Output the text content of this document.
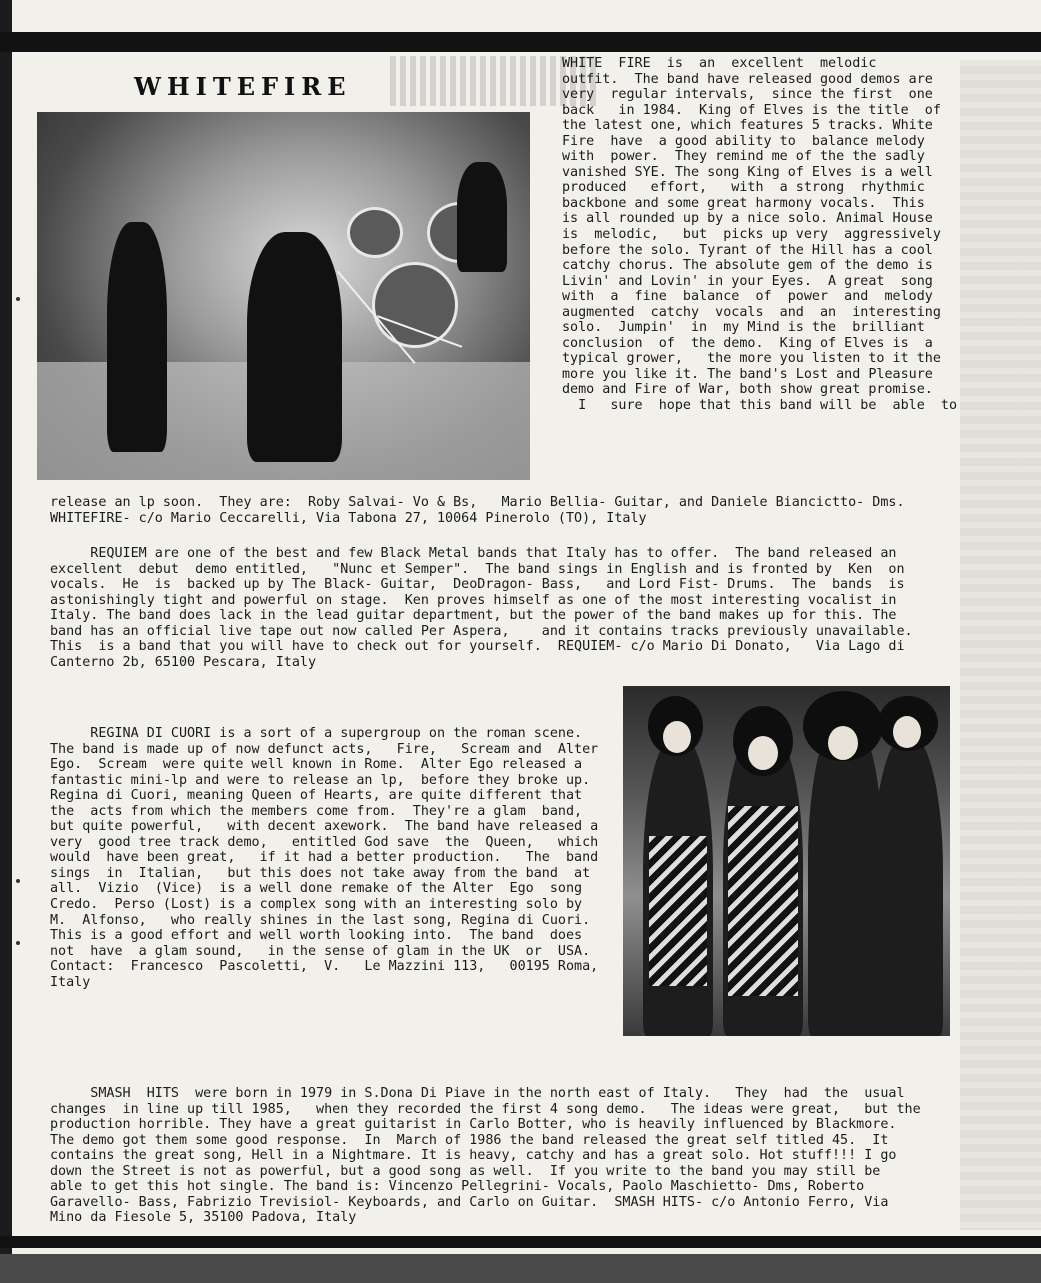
WHITEFIRE
WHITE  FIRE  is  an  excellent  melodic
outfit.  The band have released good demos are
very  regular intervals,  since the first  one
back   in 1984.  King of Elves is the title  of
the latest one, which features 5 tracks. White
Fire  have  a good ability to  balance melody
with  power.  They remind me of the the sadly
vanished SYE. The song King of Elves is a well
produced   effort,   with  a strong  rhythmic
backbone and some great harmony vocals.  This
is all rounded up by a nice solo. Animal House
is  melodic,   but  picks up very  aggressively
before the solo. Tyrant of the Hill has a cool
catchy chorus. The absolute gem of the demo is
Livin' and Lovin' in your Eyes.  A great  song
with  a  fine  balance  of  power  and  melody
augmented  catchy  vocals  and  an  interesting
solo.  Jumpin'  in  my Mind is the  brilliant
conclusion  of  the demo.  King of Elves is  a
typical grower,   the more you listen to it the
more you like it. The band's Lost and Pleasure
demo and Fire of War, both show great promise.
I   sure  hope that this band will be  able  to
release an lp soon.  They are:  Roby Salvai- Vo & Bs,   Mario Bellia- Guitar, and Daniele Biancictto- Dms.
WHITEFIRE- c/o Mario Ceccarelli, Via Tabona 27, 10064 Pinerolo (TO), Italy
REQUIEM are one of the best and few Black Metal bands that Italy has to offer.  The band released an
excellent  debut  demo entitled,   "Nunc et Semper".  The band sings in English and is fronted by  Ken  on
vocals.  He  is  backed up by The Black- Guitar,  DeoDragon- Bass,   and Lord Fist- Drums.  The  bands  is
astonishingly tight and powerful on stage.  Ken proves himself as one of the most interesting vocalist in
Italy. The band does lack in the lead guitar department, but the power of the band makes up for this. The
band has an official live tape out now called Per Aspera,    and it contains tracks previously unavailable.
This  is a band that you will have to check out for yourself.  REQUIEM- c/o Mario Di Donato,   Via Lago di
Canterno 2b, 65100 Pescara, Italy
REGINA DI CUORI is a sort of a supergroup on the roman scene.
The band is made up of now defunct acts,   Fire,   Scream and  Alter
Ego.  Scream  were quite well known in Rome.  Alter Ego released a
fantastic mini-lp and were to release an lp,  before they broke up.
Regina di Cuori, meaning Queen of Hearts, are quite different that
the  acts from which the members come from.  They're a glam  band,
but quite powerful,   with decent axework.  The band have released a
very  good tree track demo,   entitled God save  the  Queen,   which
would  have been great,   if it had a better production.   The  band
sings  in  Italian,   but this does not take away from the band  at
all.  Vizio  (Vice)  is a well done remake of the Alter  Ego  song
Credo.  Perso (Lost) is a complex song with an interesting solo by
M.  Alfonso,   who really shines in the last song, Regina di Cuori.
This is a good effort and well worth looking into.  The band  does
not  have  a glam sound,   in the sense of glam in the UK  or  USA.
Contact:  Francesco  Pascoletti,  V.   Le Mazzini 113,   00195 Roma,
Italy
SMASH  HITS  were born in 1979 in S.Dona Di Piave in the north east of Italy.   They  had  the  usual
changes  in line up till 1985,   when they recorded the first 4 song demo.   The ideas were great,   but the
production horrible. They have a great guitarist in Carlo Botter, who is heavily influenced by Blackmore.
The demo got them some good response.  In  March of 1986 the band released the great self titled 45.  It
contains the great song, Hell in a Nightmare. It is heavy, catchy and has a great solo. Hot stuff!!! I go
down the Street is not as powerful, but a good song as well.  If you write to the band you may still be
able to get this hot single. The band is: Vincenzo Pellegrini- Vocals, Paolo Maschietto- Dms, Roberto
Garavello- Bass, Fabrizio Trevisiol- Keyboards, and Carlo on Guitar.  SMASH HITS- c/o Antonio Ferro, Via
Mino da Fiesole 5, 35100 Padova, Italy
